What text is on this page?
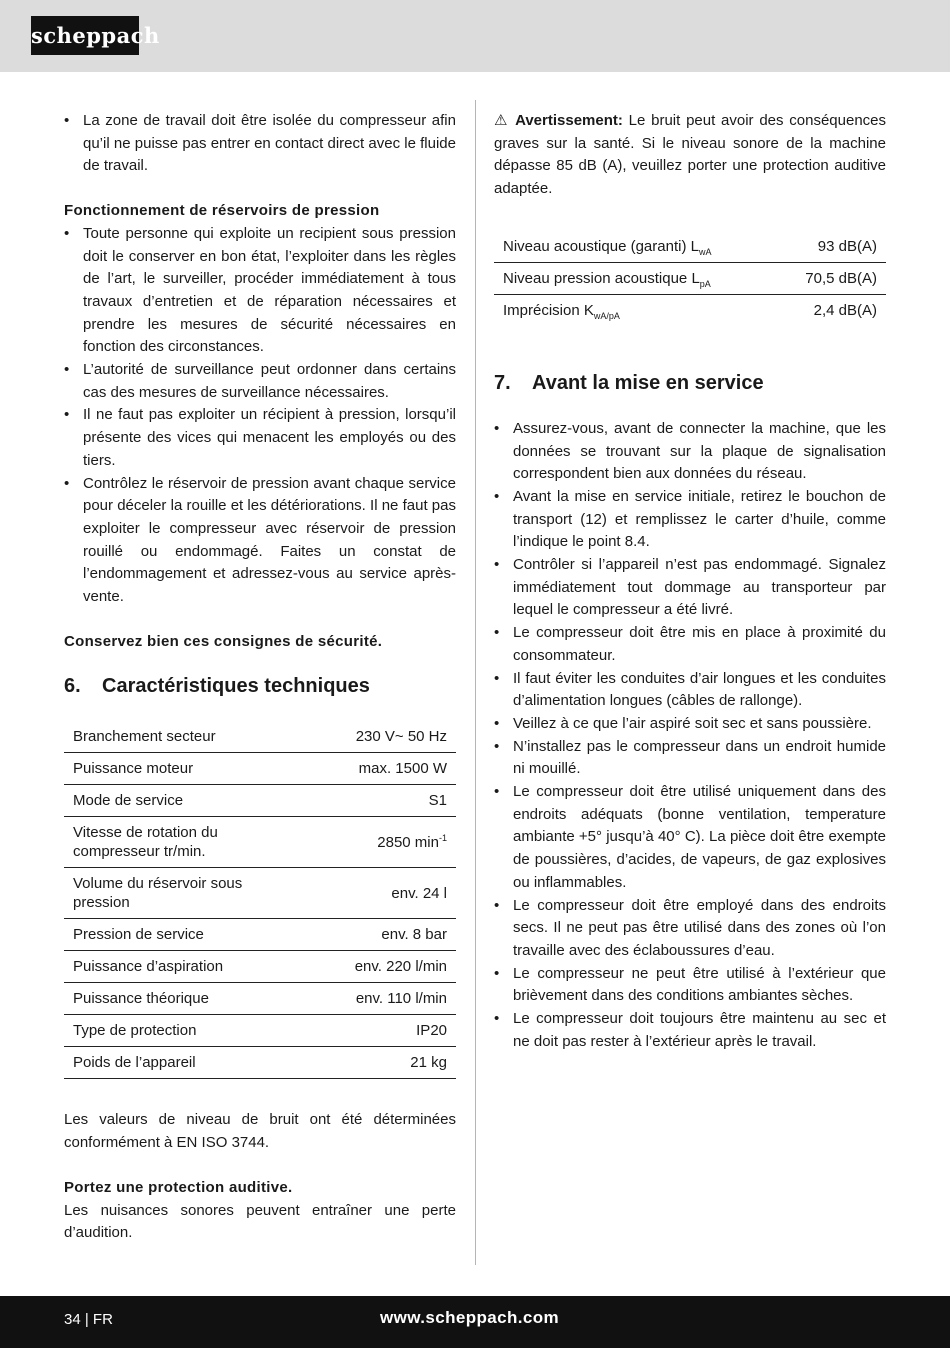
scheppach
• La zone de travail doit être isolée du compresseur afin qu’il ne puisse pas entrer en contact direct avec le fluide de travail.
Fonctionnement de réservoirs de pression
• Toute personne qui exploite un recipient sous pression doit le conserver en bon état, l’exploiter dans les règles de l’art, le surveiller, procéder immédiatement à tous travaux d’entretien et de réparation nécessaires et prendre les mesures de sécurité nécessaires en fonction des circonstances.
• L’autorité de surveillance peut ordonner dans certains cas des mesures de surveillance nécessaires.
• Il ne faut pas exploiter un récipient à pression, lorsqu’il présente des vices qui menacent les employés ou des tiers.
• Contrôlez le réservoir de pression avant chaque service pour déceler la rouille et les détériorations. Il ne faut pas exploiter le compresseur avec réservoir de pression rouillé ou endommagé. Faites un constat de l’endommagement et adressez-vous au service après-vente.
Conservez bien ces consignes de sécurité.
6.	Caractéristiques techniques
Branchement secteur	230 V~ 50 Hz
Puissance moteur	max. 1500 W
Mode de service	S1
Vitesse de rotation du compresseur tr/min.	2850 $\min^{-1}$
Volume du réservoir sous pression	env. 24 l
Pression de service	env. 8 bar
Puissance d’aspiration	env. 220 l/min
Puissance théorique	env. 110 l/min
Type de protection	IP20
Poids de l’appareil	21 kg

Les valeurs de niveau de bruit ont été déterminées conformément à EN ISO 3744.

Portez une protection auditive.

Les nuisances sonores peuvent entraîner une perte d’audition.

⚠ Avertissement: Le bruit peut avoir des conséquences graves sur la santé. Si le niveau sonore de la machine dépasse 85 dB (A), veuillez porter une protection auditive adaptée.

Niveau acoustique (garanti) $L_{wA}$	93 dB(A)
Niveau pression acoustique $L_{pA}$	70,5 dB(A)
Imprécision $K_{wA/pA}$	2,4 dB(A)
7.	Avant la mise en service
• Assurez-vous, avant de connecter la machine, que les données se trouvant sur la plaque de signalisation correspondent bien aux données du réseau.
• Avant la mise en service initiale, retirez le bouchon de transport (12) et remplissez le carter d’huile, comme l’indique le point 8.4.
• Contrôler si l’appareil n’est pas endommagé. Signalez immédiatement tout dommage au transporteur par lequel le compresseur a été livré.
• Le compresseur doit être mis en place à proximité du consommateur.
• Il faut éviter les conduites d’air longues et les conduites d’alimentation longues (câbles de rallonge).
• Veillez à ce que l’air aspiré soit sec et sans poussière.
• N’installez pas le compresseur dans un endroit humide ni mouillé.
• Le compresseur doit être utilisé uniquement dans des endroits adéquats (bonne ventilation, temperature ambiante +5° jusqu’à 40° C). La pièce doit être exempte de poussières, d’acides, de vapeurs, de gaz explosives ou inflammables.
• Le compresseur doit être employé dans des endroits secs. Il ne peut pas être utilisé dans des zones où l’on travaille avec des éclaboussures d’eau.
• Le compresseur ne peut être utilisé à l’extérieur que brièvement dans des conditions ambiantes sèches.
• Le compresseur doit toujours être maintenu au sec et ne doit pas rester à l’extérieur après le travail.
34 | FR	www.scheppach.com
